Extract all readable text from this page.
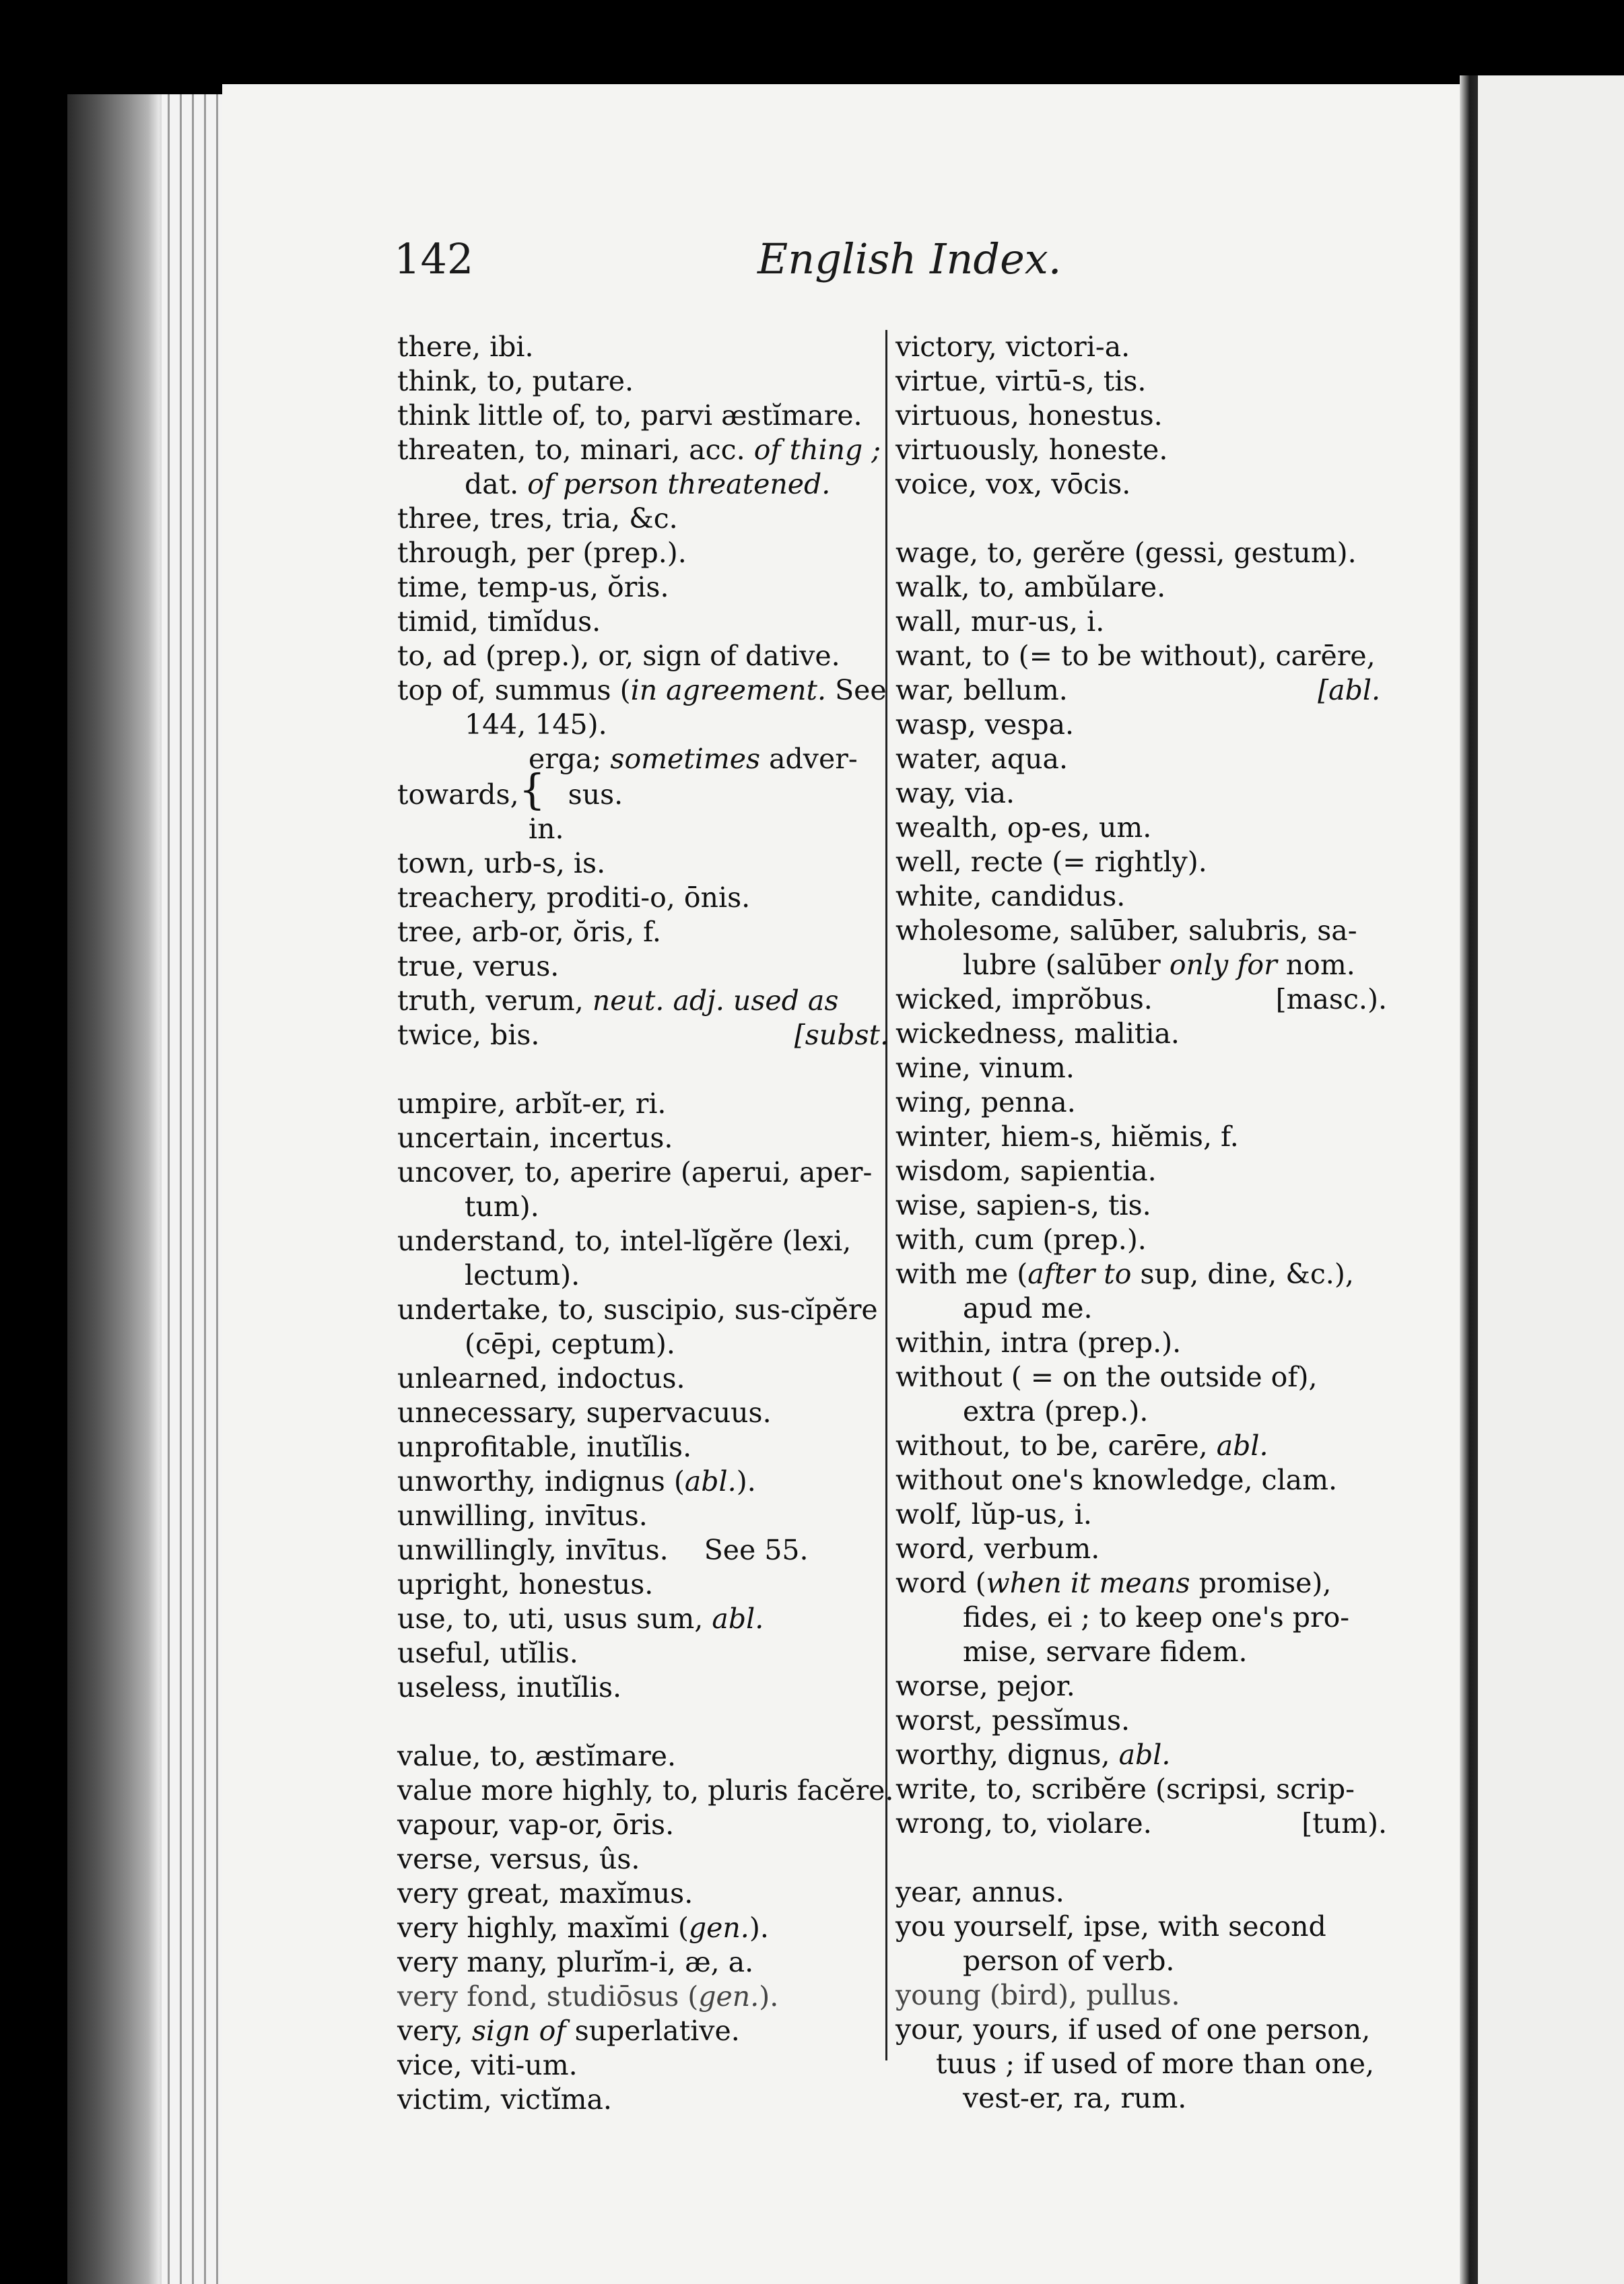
142	English Index.
there, ibi.
think, to, putare.
think little of, to, parvi æstĭmare.
threaten, to, minari, acc. of thing ;
dat. of person threatened.
three, tres, tria, &c.
through, per (prep.).
time, temp-us, ŏris.
timid, timĭdus.
to, ad (prep.), or, sign of dative.
top of, summus (in agreement. See
144, 145).
erga; sometimes adver-
towards,{ sus.
in.
town, urb-s, is.
treachery, proditi-o, ōnis.
tree, arb-or, ŏris, f.
true, verus.
truth, verum, neut. adj. used as
twice, bis.	[subst.
umpire, arbĭt-er, ri.
uncertain, incertus.
uncover, to, aperire (aperui, aper-
tum).
understand, to, intel-lĭgĕre (lexi,
lectum).
undertake, to, suscipio, sus-cĭpĕre
(cēpi, ceptum).
unlearned, indoctus.
unnecessary, supervacuus.
unprofitable, inutĭlis.
unworthy, indignus (abl.).
unwilling, invītus.
unwillingly, invītus. See 55.
upright, honestus.
use, to, uti, usus sum, abl.
useful, utĭlis.
useless, inutĭlis.
value, to, æstĭmare.
value more highly, to, pluris facĕre.
vapour, vap-or, ōris.
verse, versus, ûs.
very great, maxĭmus.
very highly, maxĭmi (gen.).
very many, plurĭm-i, æ, a.
very fond, studiōsus (gen.).
very, sign of superlative.
vice, viti-um.
victim, victĭma.
victory, victori-a.
virtue, virtū-s, tis.
virtuous, honestus.
virtuously, honeste.
voice, vox, vōcis.
wage, to, gerĕre (gessi, gestum).
walk, to, ambŭlare.
wall, mur-us, i.
want, to (= to be without), carēre,
war, bellum.	[abl.
wasp, vespa.
water, aqua.
way, via.
wealth, op-es, um.
well, recte (= rightly).
white, candidus.
wholesome, salūber, salubris, sa-
lubre (salūber only for nom.
wicked, imprŏbus.	[masc.).
wickedness, malitia.
wine, vinum.
wing, penna.
winter, hiem-s, hiĕmis, f.
wisdom, sapientia.
wise, sapien-s, tis.
with, cum (prep.).
with me (after to sup, dine, &c.),
apud me.
within, intra (prep.).
without ( = on the outside of),
extra (prep.).
without, to be, carēre, abl.
without one's knowledge, clam.
wolf, lŭp-us, i.
word, verbum.
word (when it means promise),
fides, ei ; to keep one's pro-
mise, servare fidem.
worse, pejor.
worst, pessĭmus.
worthy, dignus, abl.
write, to, scribĕre (scripsi, scrip-
wrong, to, violare.	[tum).
year, annus.
you yourself, ipse, with second
person of verb.
young (bird), pullus.
your, yours, if used of one person,
tuus ; if used of more than one,
vest-er, ra, rum.
